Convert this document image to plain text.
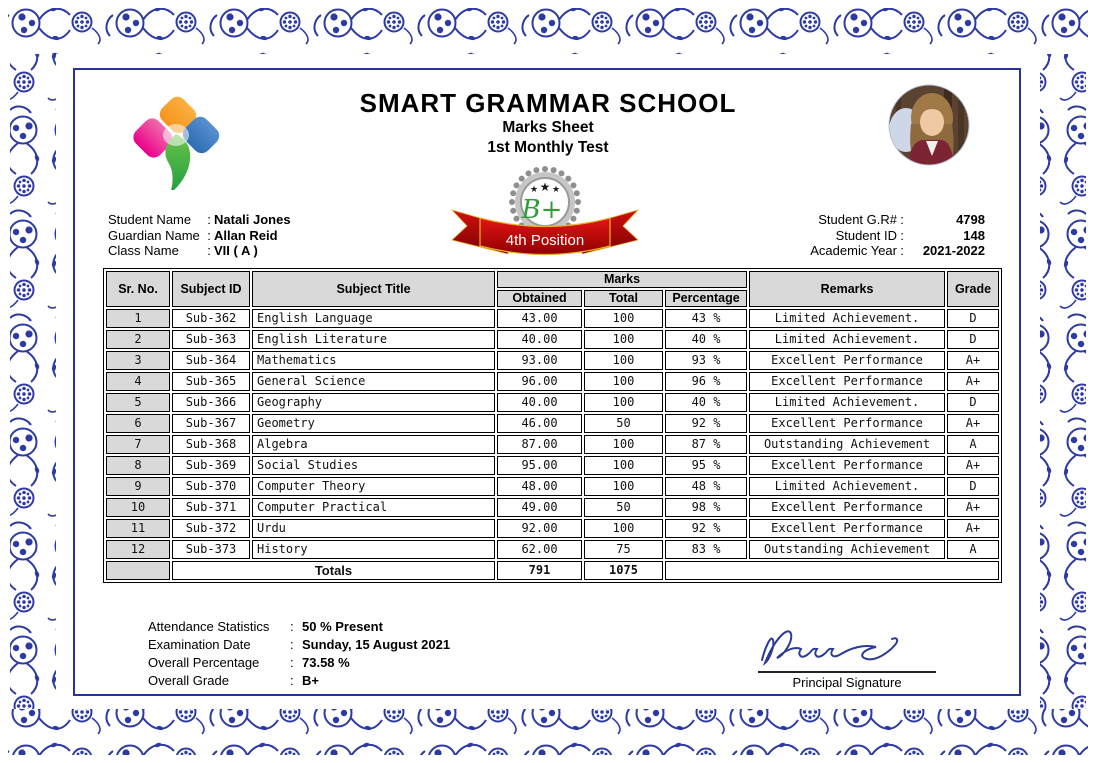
SMART GRAMMAR SCHOOL
Marks Sheet
1st Monthly Test
★ ★ ★
B+
4th Position
Student Name	: Natali Jones
Guardian Name : Allan Reid
Class Name	: VII ( A )
Student G.R# :	4798
Student ID :	148
Academic Year :	2021-2022
Sr. No.	Subject ID	Subject Title	Marks			Remarks	Grade
			Obtained	Total	Percentage		
1	Sub-362	English Language	43.00	100	43 %	Limited Achievement.	D
2	Sub-363	English Literature	40.00	100	40 %	Limited Achievement.	D
3	Sub-364	Mathematics	93.00	100	93 %	Excellent Performance	A+
4	Sub-365	General Science	96.00	100	96 %	Excellent Performance	A+
5	Sub-366	Geography	40.00	100	40 %	Limited Achievement.	D
6	Sub-367	Geometry	46.00	50	92 %	Excellent Performance	A+
7	Sub-368	Algebra	87.00	100	87 %	Outstanding Achievement	A
8	Sub-369	Social Studies	95.00	100	95 %	Excellent Performance	A+
9	Sub-370	Computer Theory	48.00	100	48 %	Limited Achievement.	D
10	Sub-371	Computer Practical	49.00	50	98 %	Excellent Performance	A+
11	Sub-372	Urdu	92.00	100	92 %	Excellent Performance	A+
12	Sub-373	History	62.00	75	83 %	Outstanding Achievement	A
	Totals		791	1075			
Attendance Statistics	: 50 % Present
Examination Date	: Sunday, 15 August 2021
Overall Percentage	: 73.58 %
Overall Grade	: B+	Principal Signature
